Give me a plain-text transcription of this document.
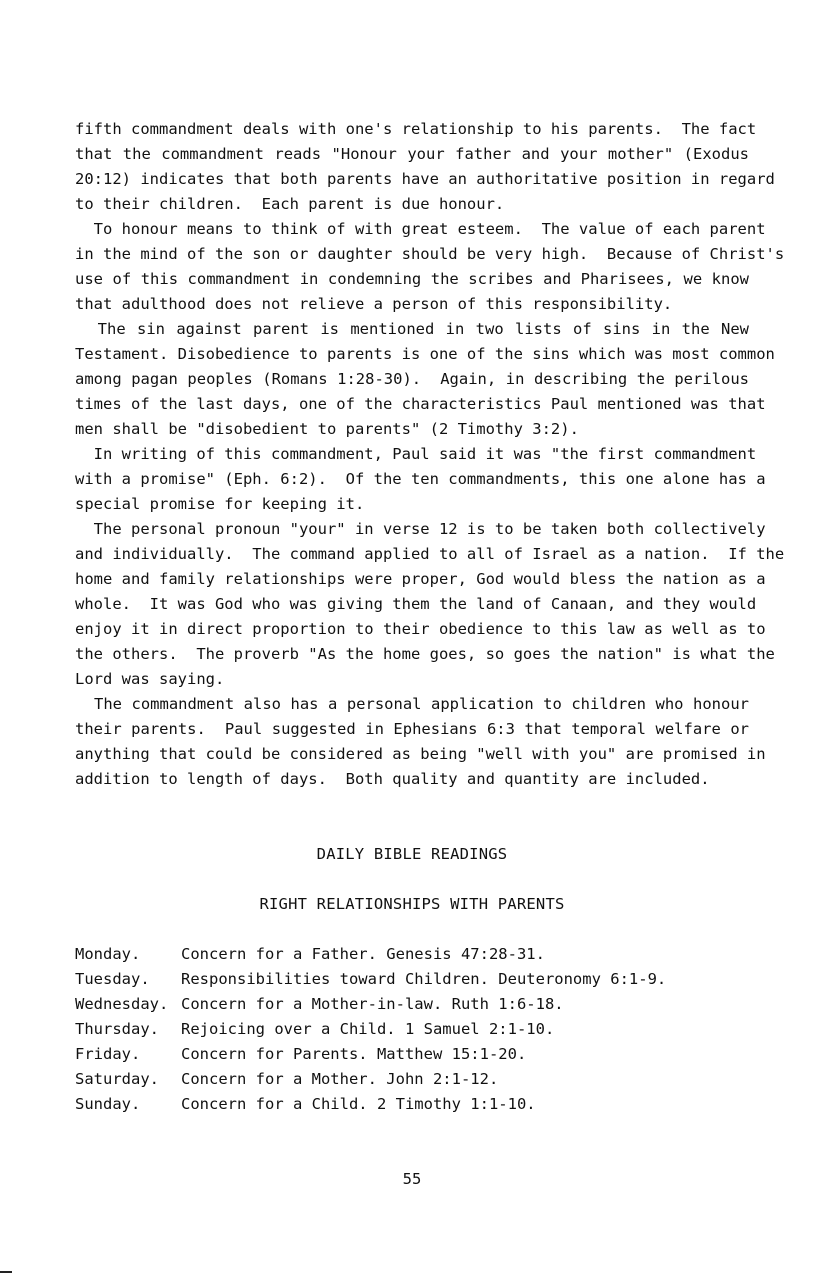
fifth commandment deals with one's relationship to his parents.  The fact
that the commandment reads "Honour your father and your mother" (Exodus
20:12) indicates that both parents have an authoritative position in regard
to their children.  Each parent is due honour.
To honour means to think of with great esteem.  The value of each parent
in the mind of the son or daughter should be very high.  Because of Christ's
use of this commandment in condemning the scribes and Pharisees, we know
that adulthood does not relieve a person of this responsibility.
The sin against parent is mentioned in two lists of sins in the New
Testament. Disobedience to parents is one of the sins which was most common
among pagan peoples (Romans 1:28-30).  Again, in describing the perilous
times of the last days, one of the characteristics Paul mentioned was that
men shall be "disobedient to parents" (2 Timothy 3:2).
In writing of this commandment, Paul said it was "the first commandment
with a promise" (Eph. 6:2).  Of the ten commandments, this one alone has a
special promise for keeping it.
The personal pronoun "your" in verse 12 is to be taken both collectively
and individually.  The command applied to all of Israel as a nation.  If the
home and family relationships were proper, God would bless the nation as a
whole.  It was God who was giving them the land of Canaan, and they would
enjoy it in direct proportion to their obedience to this law as well as to
the others.  The proverb "As the home goes, so goes the nation" is what the
Lord was saying.
The commandment also has a personal application to children who honour
their parents.  Paul suggested in Ephesians 6:3 that temporal welfare or
anything that could be considered as being "well with you" are promised in
addition to length of days.  Both quality and quantity are included.
DAILY BIBLE READINGS
RIGHT RELATIONSHIPS WITH PARENTS
Monday.	Concern for a Father. Genesis 47:28-31.
Tuesday. Responsibilities toward Children. Deuteronomy 6:1-9.
Wednesday. Concern for a Mother-in-law. Ruth 1:6-18.
Thursday. Rejoicing over a Child. 1 Samuel 2:1-10.
Friday.	Concern for Parents. Matthew 15:1-20.
Saturday. Concern for a Mother. John 2:1-12.
Sunday.	Concern for a Child. 2 Timothy 1:1-10.
55
